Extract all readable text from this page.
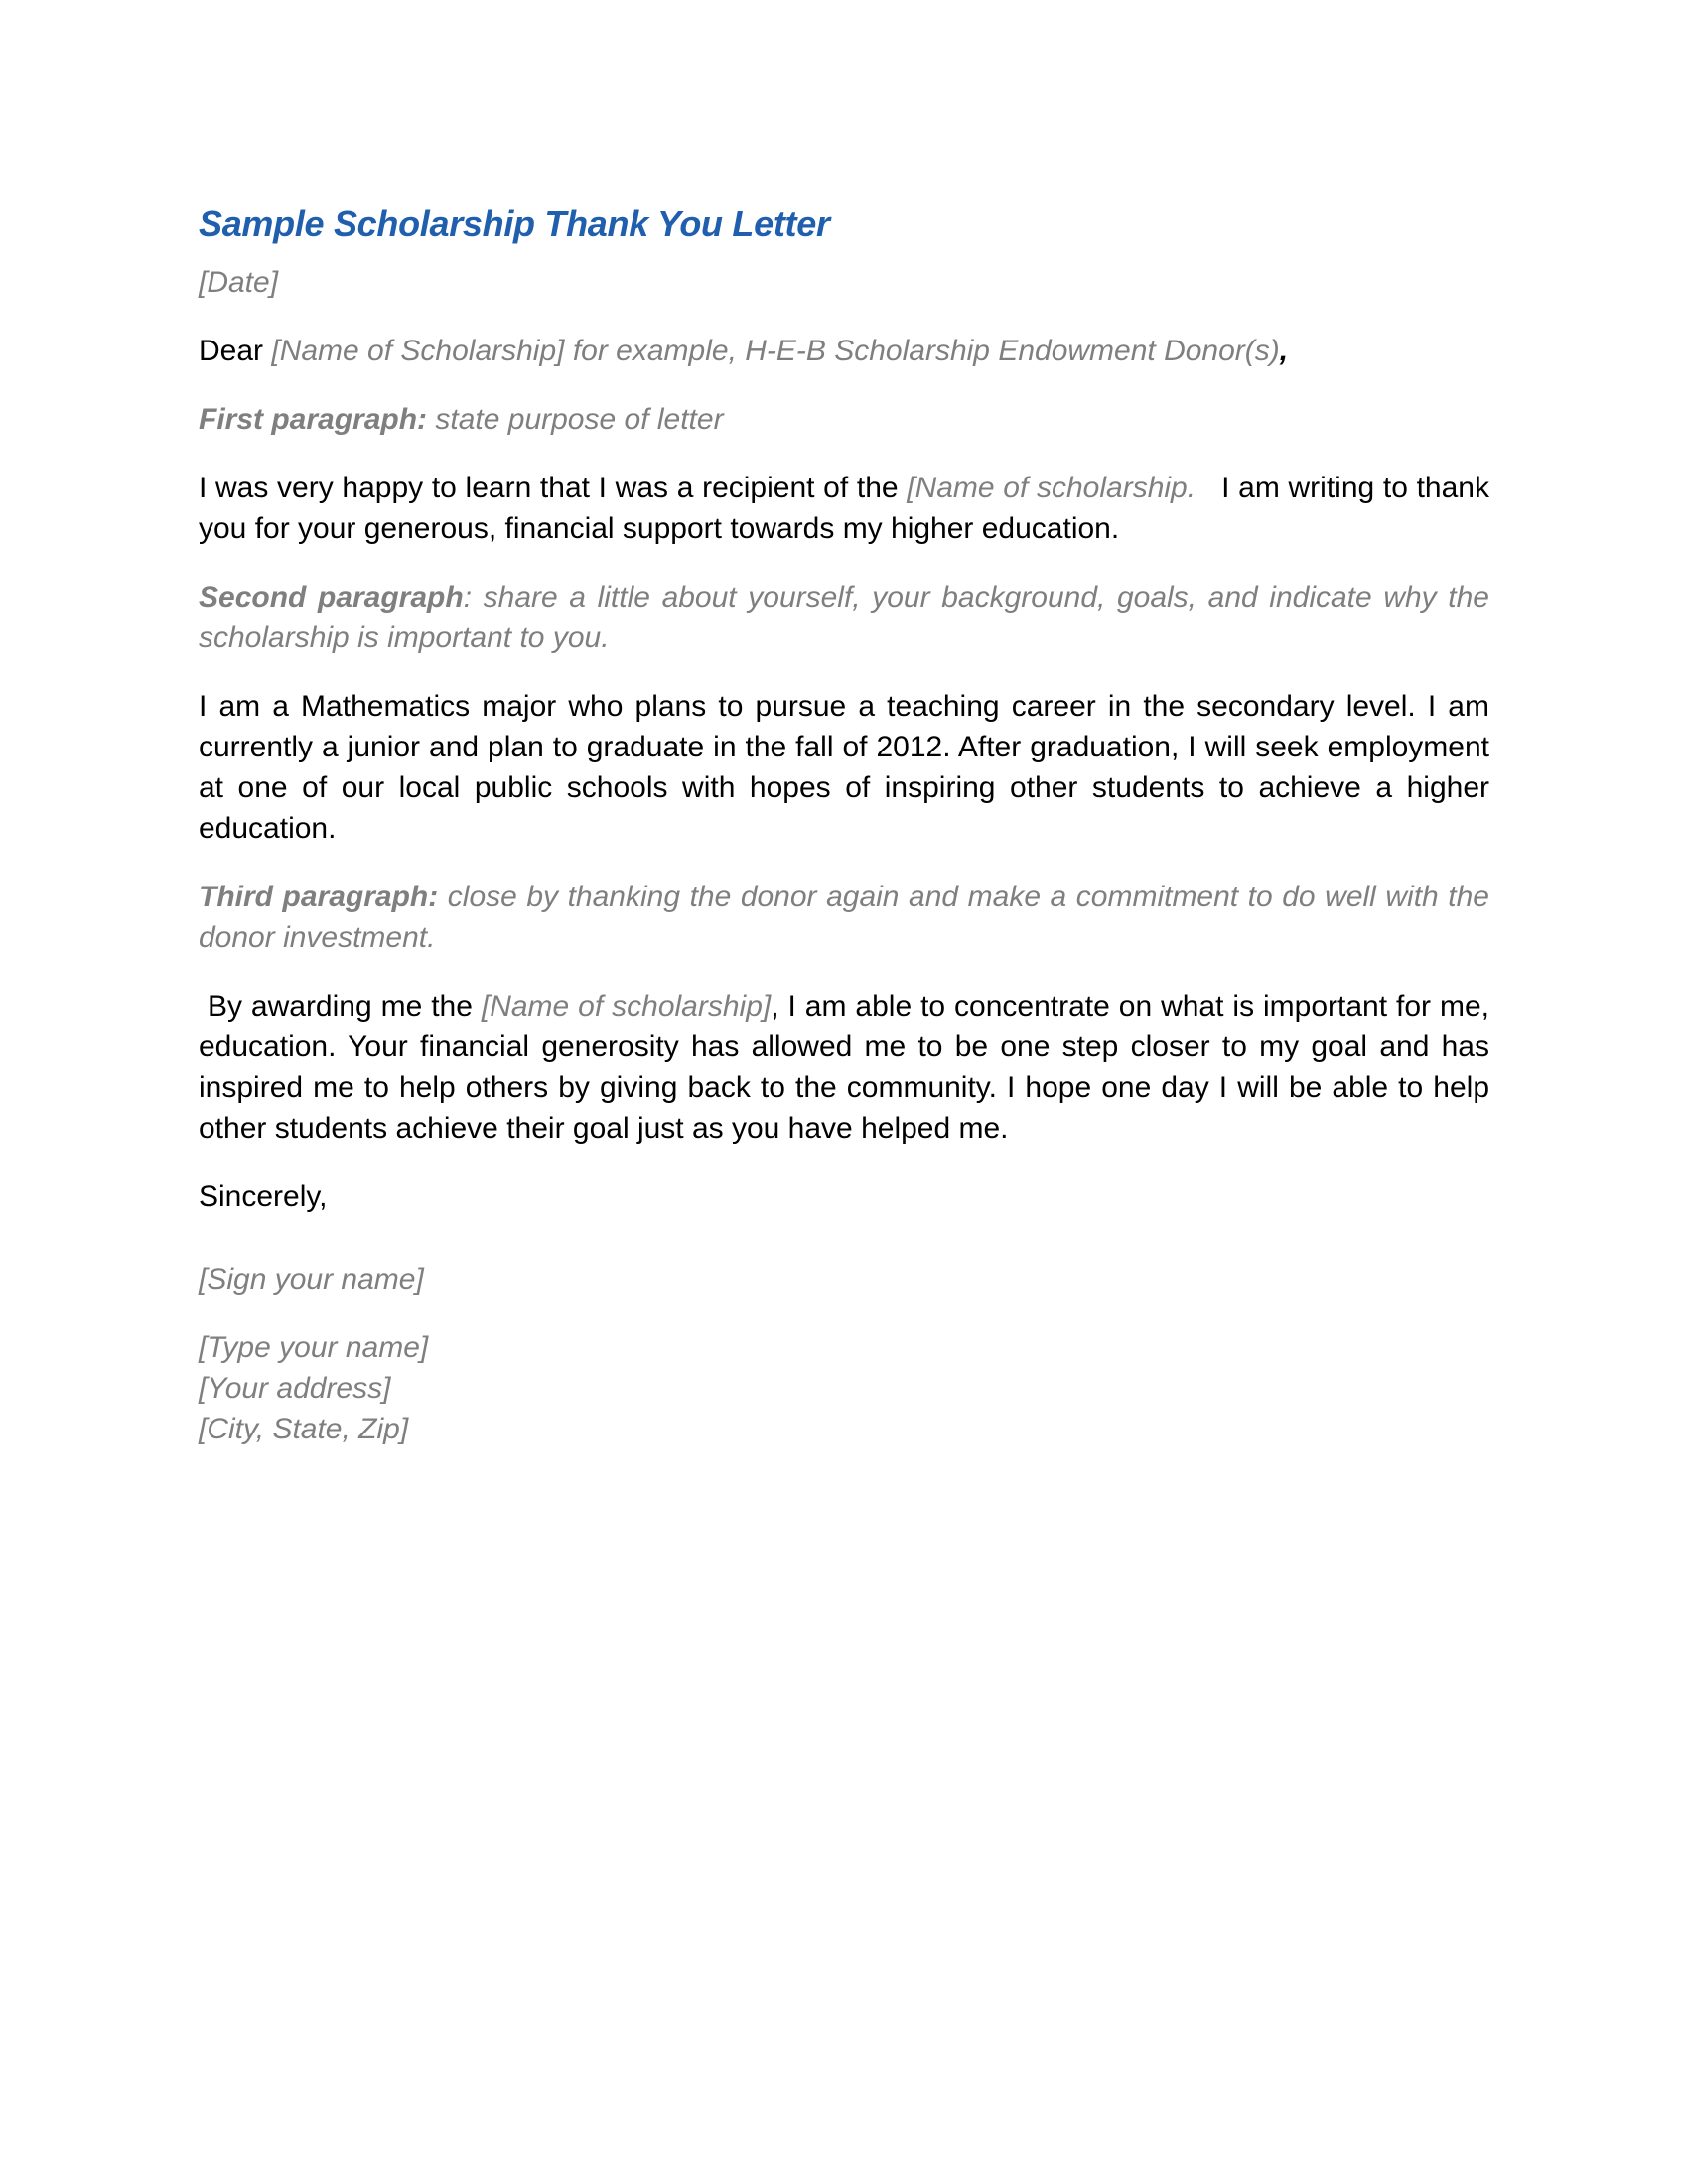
Sample Scholarship Thank You Letter

[Date]

Dear [Name of Scholarship] for example, H-E-B Scholarship Endowment Donor(s),

First paragraph: state purpose of letter

I was very happy to learn that I was a recipient of the [Name of scholarship.   I am writing to thank you for your generous, financial support towards my higher education.

Second paragraph: share a little about yourself, your background, goals, and indicate why the scholarship is important to you.

I am a Mathematics major who plans to pursue a teaching career in the secondary level. I am currently a junior and plan to graduate in the fall of 2012. After graduation, I will seek employment at one of our local public schools with hopes of inspiring other students to achieve a higher education.

Third paragraph: close by thanking the donor again and make a commitment to do well with the donor investment.

By awarding me the [Name of scholarship], I am able to concentrate on what is important for me, education. Your financial generosity has allowed me to be one step closer to my goal and has inspired me to help others by giving back to the community. I hope one day I will be able to help other students achieve their goal just as you have helped me.

Sincerely,

[Sign your name]

[Type your name]

[Your address]

[City, State, Zip]
